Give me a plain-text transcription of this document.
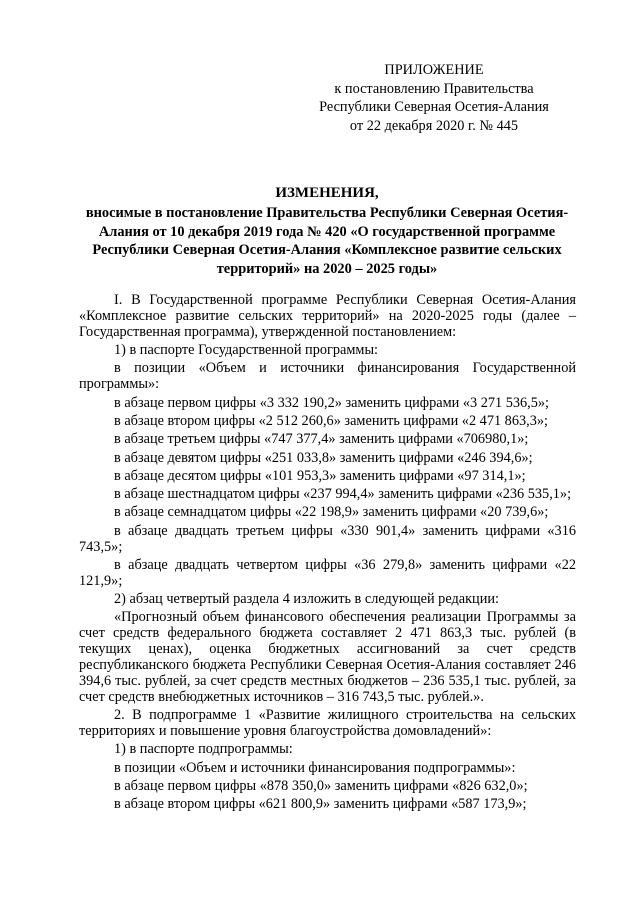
ПРИЛОЖЕНИЕ
к постановлению Правительства
Республики Северная Осетия-Алания
от 22 декабря 2020 г. № 445
ИЗМЕНЕНИЯ,
вносимые в постановление Правительства Республики Северная Осетия-Алания от 10 декабря 2019 года № 420 «О государственной программе Республики Северная Осетия-Алания «Комплексное развитие сельских территорий» на 2020 – 2025 годы»

I. В Государственной программе Республики Северная Осетия-Алания «Комплексное развитие сельских территорий» на 2020-2025 годы (далее – Государственная программа), утвержденной постановлением:

1) в паспорте Государственной программы:

в позиции «Объем и источники финансирования Государственной программы»:

в абзаце первом цифры «3 332 190,2» заменить цифрами «3 271 536,5»;

в абзаце втором цифры «2 512 260,6» заменить цифрами «2 471 863,3»;

в абзаце третьем цифры «747 377,4» заменить цифрами «706980,1»;

в абзаце девятом цифры «251 033,8» заменить цифрами «246 394,6»;

в абзаце десятом цифры «101 953,3» заменить цифрами «97 314,1»;

в абзаце шестнадцатом цифры «237 994,4» заменить цифрами «236 535,1»;

в абзаце семнадцатом цифры «22 198,9» заменить цифрами «20 739,6»;

в абзаце двадцать третьем цифры «330 901,4» заменить цифрами «316 743,5»;

в абзаце двадцать четвертом цифры «36 279,8» заменить цифрами «22 121,9»;

2) абзац четвертый раздела 4 изложить в следующей редакции:

«Прогнозный объем финансового обеспечения реализации Программы за счет средств федерального бюджета составляет 2 471 863,3 тыс. рублей (в текущих ценах), оценка бюджетных ассигнований за счет средств республиканского бюджета Республики Северная Осетия-Алания составляет 246 394,6 тыс. рублей, за счет средств местных бюджетов – 236 535,1 тыс. рублей, за счет средств внебюджетных источников – 316 743,5 тыс. рублей.».

2. В подпрограмме 1 «Развитие жилищного строительства на сельских территориях и повышение уровня благоустройства домовладений»:

1) в паспорте подпрограммы:

в позиции «Объем и источники финансирования подпрограммы»:

в абзаце первом цифры «878 350,0» заменить цифрами «826 632,0»;

в абзаце втором цифры «621 800,9» заменить цифрами «587 173,9»;
